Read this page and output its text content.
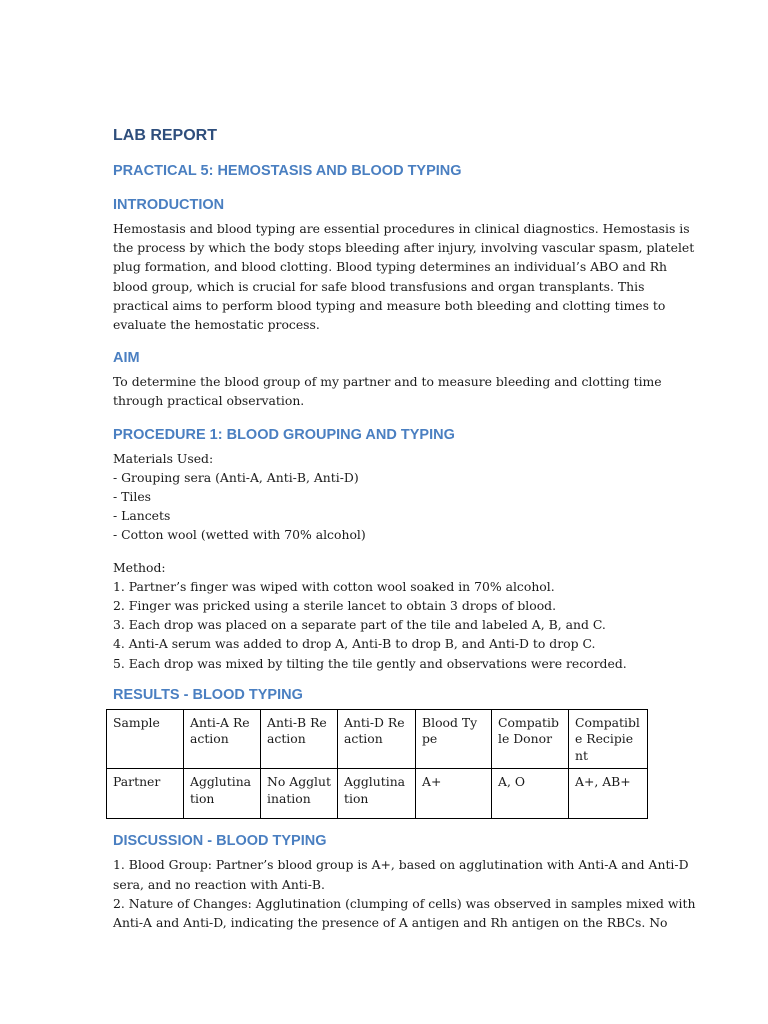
LAB REPORT
PRACTICAL 5: HEMOSTASIS AND BLOOD TYPING
INTRODUCTION

Hemostasis and blood typing are essential procedures in clinical diagnostics. Hemostasis is
the process by which the body stops bleeding after injury, involving vascular spasm, platelet
plug formation, and blood clotting. Blood typing determines an individual’s ABO and Rh
blood group, which is crucial for safe blood transfusions and organ transplants. This
practical aims to perform blood typing and measure both bleeding and clotting times to
evaluate the hemostatic process.

AIM

To determine the blood group of my partner and to measure bleeding and clotting time
through practical observation.

PROCEDURE 1: BLOOD GROUPING AND TYPING

Materials Used:
- Grouping sera (Anti-A, Anti-B, Anti-D)
- Tiles
- Lancets
- Cotton wool (wetted with 70% alcohol)

Method:
1. Partner’s finger was wiped with cotton wool soaked in 70% alcohol.
2. Finger was pricked using a sterile lancet to obtain 3 drops of blood.
3. Each drop was placed on a separate part of the tile and labeled A, B, and C.
4. Anti-A serum was added to drop A, Anti-B to drop B, and Anti-D to drop C.
5. Each drop was mixed by tilting the tile gently and observations were recorded.

RESULTS - BLOOD TYPING
Sample	Anti-A Reaction	Anti-B Reaction	Anti-D Reaction	Blood Type	Compatible Donor	Compatible Recipient
Partner	Agglutination	No Agglutination	Agglutination	A+	A, O	A+, AB+
DISCUSSION - BLOOD TYPING

1. Blood Group: Partner’s blood group is A+, based on agglutination with Anti-A and Anti-D
sera, and no reaction with Anti-B.
2. Nature of Changes: Agglutination (clumping of cells) was observed in samples mixed with
Anti-A and Anti-D, indicating the presence of A antigen and Rh antigen on the RBCs. No
